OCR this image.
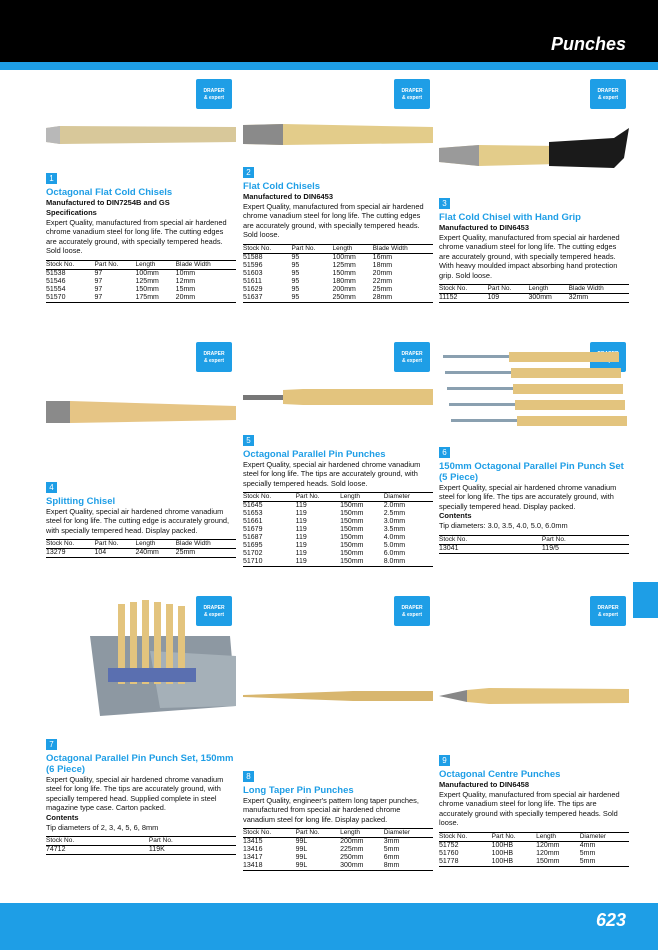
Punches
DRAPER
& expert
1
Octagonal Flat Cold Chisels
Manufactured to DIN7254B and GS
Specifications
Expert Quality, manufactured from special air hardened chrome vanadium steel for long life. The cutting edges are accurately ground, with specially tempered heads. Sold loose.
Stock No.	Part No.	Length	Blade Width
51538	97	100mm	10mm
51546	97	125mm	12mm
51554	97	150mm	15mm
51570	97	175mm	20mm
DRAPER
& expert
2
Flat Cold Chisels
Manufactured to DIN6453
Expert Quality, manufactured from special air hardened chrome vanadium steel for long life. The cutting edges are accurately ground, with specially tempered heads. Sold loose.
Stock No.	Part No.	Length	Blade Width
51588	95	100mm	16mm
51596	95	125mm	18mm
51603	95	150mm	20mm
51611	95	180mm	22mm
51629	95	200mm	25mm
51637	95	250mm	28mm
DRAPER
& expert
3
Flat Cold Chisel with Hand Grip
Manufactured to DIN6453
Expert Quality, manufactured from special air hardened chrome vanadium steel for long life. The cutting edges are accurately ground, with specially tempered heads. With heavy moulded impact absorbing hand protection grip. Sold loose.
Stock No.	Part No.	Length	Blade Width
11152	109	300mm	32mm
DRAPER
& expert
4
Splitting Chisel
Expert Quality, special air hardened chrome vanadium steel for long life. The cutting edge is accurately ground, with specially tempered head. Display packed.
Stock No.	Part No.	Length	Blade Width
13279	104	240mm	25mm
DRAPER
& expert
5
Octagonal Parallel Pin Punches
Expert Quality, special air hardened chrome vanadium steel for long life. The tips are accurately ground, with specially tempered heads. Sold loose.
Stock No.	Part No.	Length	Diameter
51645	119	150mm	2.0mm
51653	119	150mm	2.5mm
51661	119	150mm	3.0mm
51679	119	150mm	3.5mm
51687	119	150mm	4.0mm
51695	119	150mm	5.0mm
51702	119	150mm	6.0mm
51710	119	150mm	8.0mm

6
150mm Octagonal Parallel Pin Punch Set (5 Piece)
Expert Quality, special air hardened chrome vanadium steel for long life. The tips are accurately ground, with specially tempered head. Display packed.
Contents
Tip diameters: 3.0, 3.5, 4.0, 5.0, 6.0mm
Stock No.	Part No.
13041	119/5
DRAPER
& expert
7
Octagonal Parallel Pin Punch Set, 150mm (6 Piece)
Expert Quality, special air hardened chrome vanadium steel for long life. The tips are accurately ground, with specially tempered head. Supplied complete in steel magazine type case. Carton packed.
Contents
Tip diameters of 2, 3, 4, 5, 6, 8mm
Stock No.	Part No.
74712	119K
DRAPER
& expert
8
Long Taper Pin Punches
Expert Quality, engineer's pattern long taper punches, manufactured from special air hardened chrome vanadium steel for long life. Display packed.
Stock No.	Part No.	Length	Diameter
13415	99L	200mm	3mm
13416	99L	225mm	5mm
13417	99L	250mm	6mm
13418	99L	300mm	8mm
DRAPER
& expert
9
Octagonal Centre Punches
Manufactured to DIN6458
Expert Quality, manufactured from special air hardened chrome vanadium steel for long life. The tips are accurately ground with specially tempered heads. Sold loose.
Stock No.	Part No.	Length	Diameter
51752	100HB	120mm	4mm
51760	100HB	120mm	5mm
51778	100HB	150mm	5mm
623
